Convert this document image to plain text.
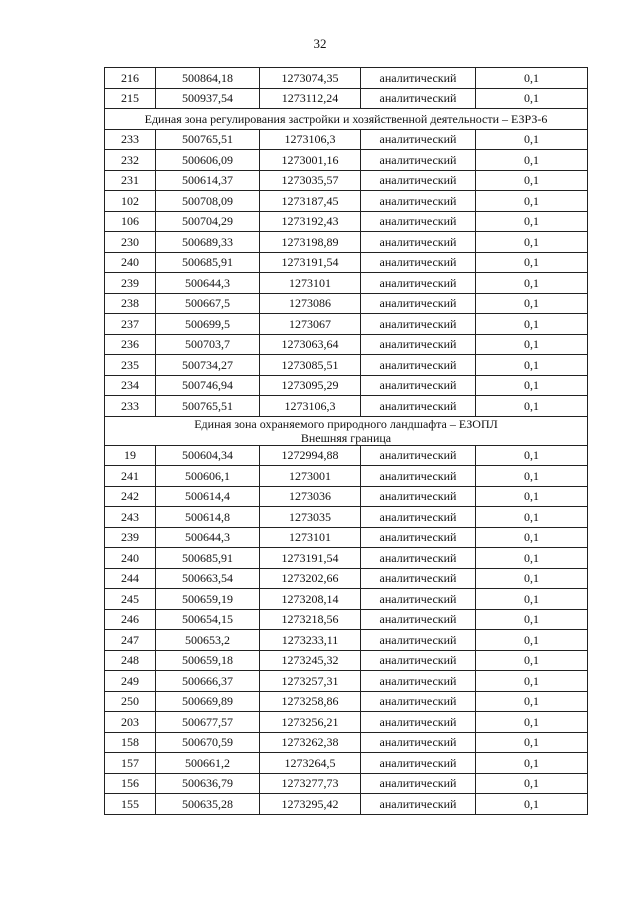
32
216	500864,18	1273074,35	аналитический	0,1
215	500937,54	1273112,24	аналитический	0,1

Единая зона регулирования застройки и хозяйственной деятельности – ЕЗРЗ-6				

233	500765,51	1273106,3	аналитический	0,1
232	500606,09	1273001,16	аналитический	0,1
231	500614,37	1273035,57	аналитический	0,1
102	500708,09	1273187,45	аналитический	0,1
106	500704,29	1273192,43	аналитический	0,1
230	500689,33	1273198,89	аналитический	0,1
240	500685,91	1273191,54	аналитический	0,1
239	500644,3	1273101	аналитический	0,1
238	500667,5	1273086	аналитический	0,1
237	500699,5	1273067	аналитический	0,1
236	500703,7	1273063,64	аналитический	0,1
235	500734,27	1273085,51	аналитический	0,1
234	500746,94	1273095,29	аналитический	0,1
233	500765,51	1273106,3	аналитический	0,1

Единая зона охраняемого природного ландшафта – ЕЗОПЛ
Внешняя граница				

19	500604,34	1272994,88	аналитический	0,1
241	500606,1	1273001	аналитический	0,1
242	500614,4	1273036	аналитический	0,1
243	500614,8	1273035	аналитический	0,1
239	500644,3	1273101	аналитический	0,1
240	500685,91	1273191,54	аналитический	0,1
244	500663,54	1273202,66	аналитический	0,1
245	500659,19	1273208,14	аналитический	0,1
246	500654,15	1273218,56	аналитический	0,1
247	500653,2	1273233,11	аналитический	0,1
248	500659,18	1273245,32	аналитический	0,1
249	500666,37	1273257,31	аналитический	0,1
250	500669,89	1273258,86	аналитический	0,1
203	500677,57	1273256,21	аналитический	0,1
158	500670,59	1273262,38	аналитический	0,1
157	500661,2	1273264,5	аналитический	0,1
156	500636,79	1273277,73	аналитический	0,1
155	500635,28	1273295,42	аналитический	0,1
